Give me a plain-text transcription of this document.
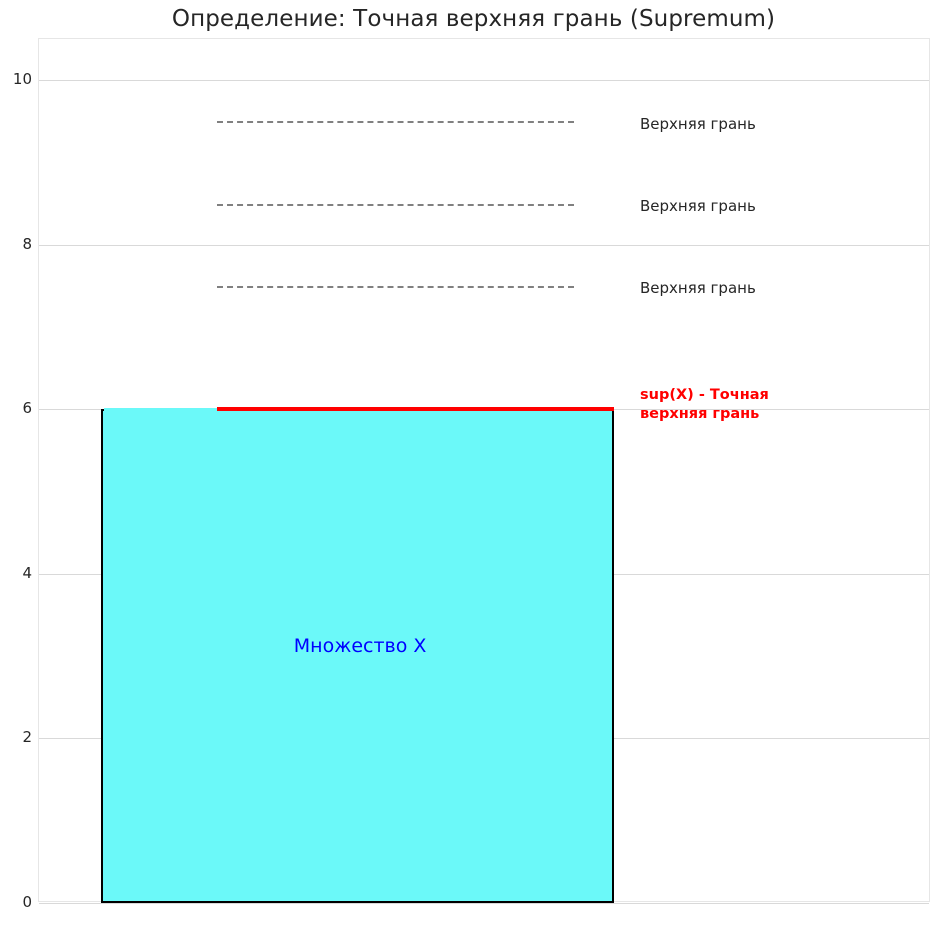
Определение: Точная верхняя грань (Supremum)
10
8
6
4
2
0
Множество X
Верхняя грань
Верхняя грань
Верхняя грань
sup(X) - Точная
верхняя грань
